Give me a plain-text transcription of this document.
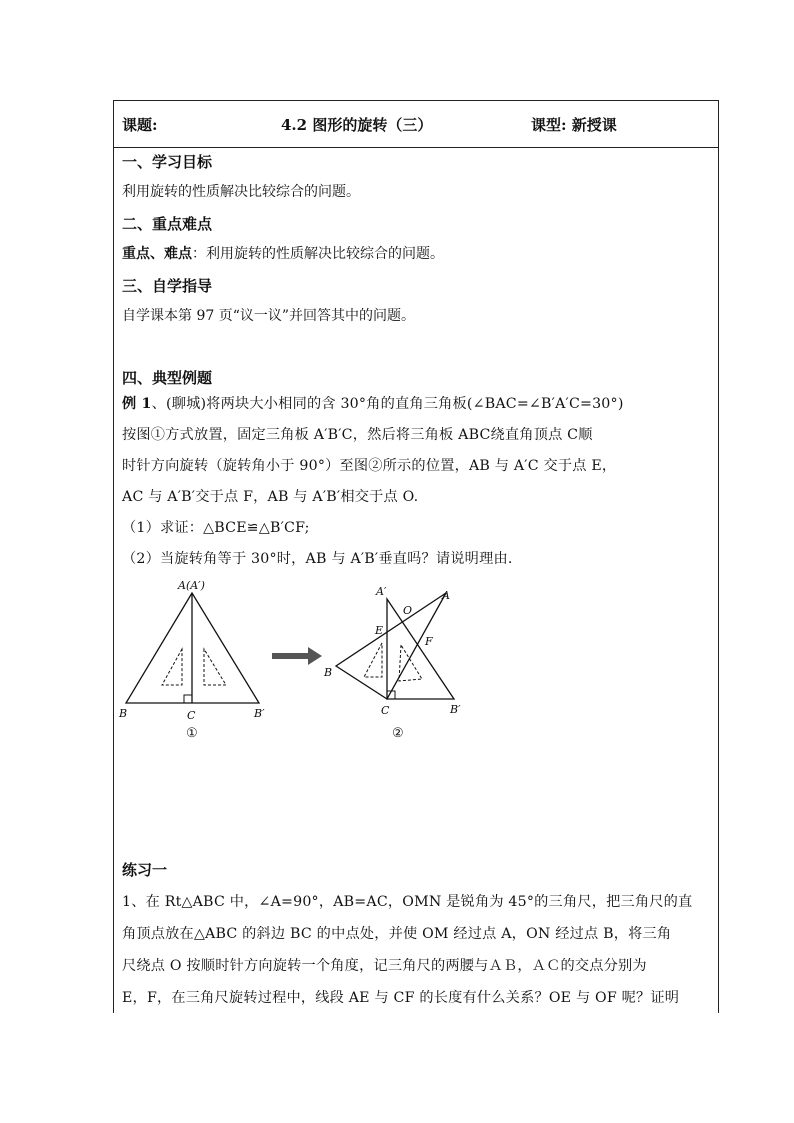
课题:	4.2 图形的旋转（三）	课型: 新授课
一、学习目标
利用旋转的性质解决比较综合的问题。
二、重点难点
重点、难点：利用旋转的性质解决比较综合的问题。
三、自学指导
自学课本第 97 页“议一议”并回答其中的问题。
四、典型例题
例 1、(聊城)将两块大小相同的含 30°角的直角三角板(∠BAC=∠B′A′C=30°)
按图①方式放置，固定三角板 A′B′C，然后将三角板 ABC绕直角顶点 C顺
时针方向旋转（旋转角小于 90°）至图②所示的位置，AB 与 A′C 交于点 E，
AC 与 A′B′交于点 F，AB 与 A′B′相交于点 O.
（1）求证：△BCE≌△B′CF;
（2）当旋转角等于 30°时，AB 与 A′B′垂直吗？请说明理由.
A(A′)
B	C	B′
①
A′
O
A
E
F
B
C	B′
②
练习一
1、在 Rt△ABC 中，∠A=90°，AB=AC，OMN 是锐角为 45°的三角尺，把三角尺的直
角顶点放在△ABC 的斜边 BC 的中点处，并使 OM 经过点 A，ON 经过点 B，将三角
尺绕点 O 按顺时针方向旋转一个角度，记三角尺的两腰与ＡＢ，ＡＣ的交点分别为
E，F，在三角尺旋转过程中，线段 AE 与 CF 的长度有什么关系？OE 与 OF 呢？证明
